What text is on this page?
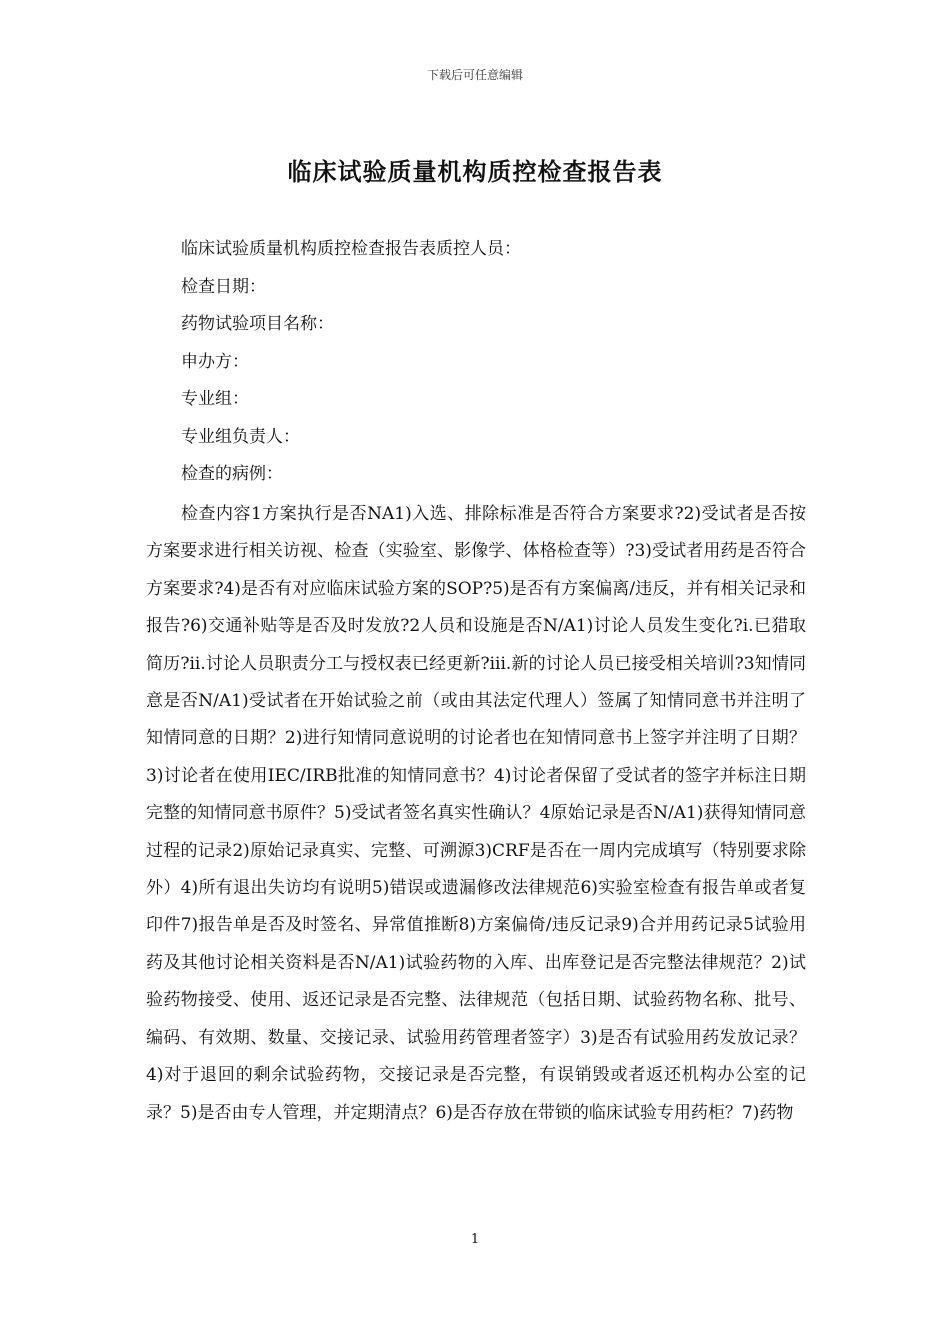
下载后可任意编辑
临床试验质量机构质控检查报告表
临床试验质量机构质控检查报告表质控人员：
检查日期：
药物试验项目名称：
申办方：
专业组：
专业组负责人：
检查的病例：

检查内容1方案执行是否NA1)入选、排除标准是否符合方案要求?2)受试者是否按方案要求进行相关访视、检查（实验室、影像学、体格检查等）?3)受试者用药是否符合方案要求?4)是否有对应临床试验方案的SOP?5)是否有方案偏离/违反，并有相关记录和报告?6)交通补贴等是否及时发放?2人员和设施是否N/A1)讨论人员发生变化?i.已猎取简历?ii.讨论人员职责分工与授权表已经更新?iii.新的讨论人员已接受相关培训?3知情同意是否N/A1)受试者在开始试验之前（或由其法定代理人）签属了知情同意书并注明了知情同意的日期？2)进行知情同意说明的讨论者也在知情同意书上签字并注明了日期？3)讨论者在使用IEC/IRB批准的知情同意书？4)讨论者保留了受试者的签字并标注日期完整的知情同意书原件？5)受试者签名真实性确认？4原始记录是否N/A1)获得知情同意过程的记录2)原始记录真实、完整、可溯源3)CRF是否在一周内完成填写（特别要求除外）4)所有退出失访均有说明5)错误或遗漏修改法律规范6)实验室检查有报告单或者复印件7)报告单是否及时签名、异常值推断8)方案偏倚/违反记录9)合并用药记录5试验用药及其他讨论相关资料是否N/A1)试验药物的入库、出库登记是否完整法律规范？2)试验药物接受、使用、返还记录是否完整、法律规范（包括日期、试验药物名称、批号、编码、有效期、数量、交接记录、试验用药管理者签字）3)是否有试验用药发放记录？4)对于退回的剩余试验药物，交接记录是否完整，有误销毁或者返还机构办公室的记录？5)是否由专人管理，并定期清点？6)是否存放在带锁的临床试验专用药柜？7)药物

1
